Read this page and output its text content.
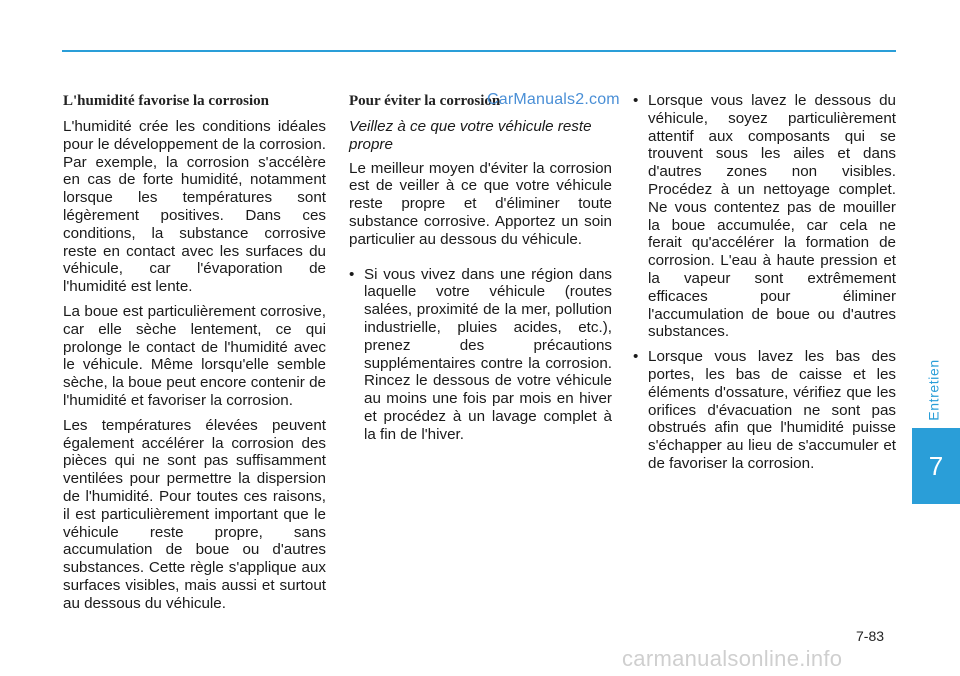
L'humidité favorise la corrosion

L'humidité crée les conditions idéales pour le développement de la corrosion. Par exemple, la corrosion s'accélère en cas de forte humidité, notamment lorsque les températures sont légèrement positives. Dans ces conditions, la substance corrosive reste en contact avec les surfaces du véhicule, car l'évaporation de l'humidité est lente.

La boue est particulièrement corrosive, car elle sèche lentement, ce qui prolonge le contact de l'humidité avec le véhicule. Même lorsqu'elle semble sèche, la boue peut encore contenir de l'humidité et favoriser la corrosion.

Les températures élevées peuvent également accélérer la corrosion des pièces qui ne sont pas suffisamment ventilées pour permettre la dispersion de l'humidité. Pour toutes ces raisons, il est particulièrement important que le véhicule reste propre, sans accumulation de boue ou d'autres substances. Cette règle s'applique aux surfaces visibles, mais aussi et surtout au dessous du véhicule.

Pour éviter la corrosion

Veillez à ce que votre véhicule reste propre

Le meilleur moyen d'éviter la corrosion est de veiller à ce que votre véhicule reste propre et d'éliminer toute substance corrosive. Apportez un soin particulier au dessous du véhicule.

• Si vous vivez dans une région dans laquelle votre véhicule (routes salées, proximité de la mer, pollution industrielle, pluies acides, etc.), prenez des précautions supplémentaires contre la corrosion. Rincez le dessous de votre véhicule au moins une fois par mois en hiver et procédez à un lavage complet à la fin de l'hiver.
• Lorsque vous lavez le dessous du véhicule, soyez particulièrement attentif aux composants qui se trouvent sous les ailes et dans d'autres zones non visibles. Procédez à un nettoyage complet. Ne vous contentez pas de mouiller la boue accumulée, car cela ne ferait qu'accélérer la formation de corrosion. L'eau à haute pression et la vapeur sont extrêmement efficaces pour éliminer l'accumulation de boue ou d'autres substances.
• Lorsque vous lavez les bas des portes, les bas de caisse et les éléments d'ossature, vérifiez que les orifices d'évacuation ne sont pas obstrués afin que l'humidité puisse s'échapper au lieu de s'accumuler et de favoriser la corrosion.
CarManuals2.com
Entretien
7
7-83
carmanualsonline.info
